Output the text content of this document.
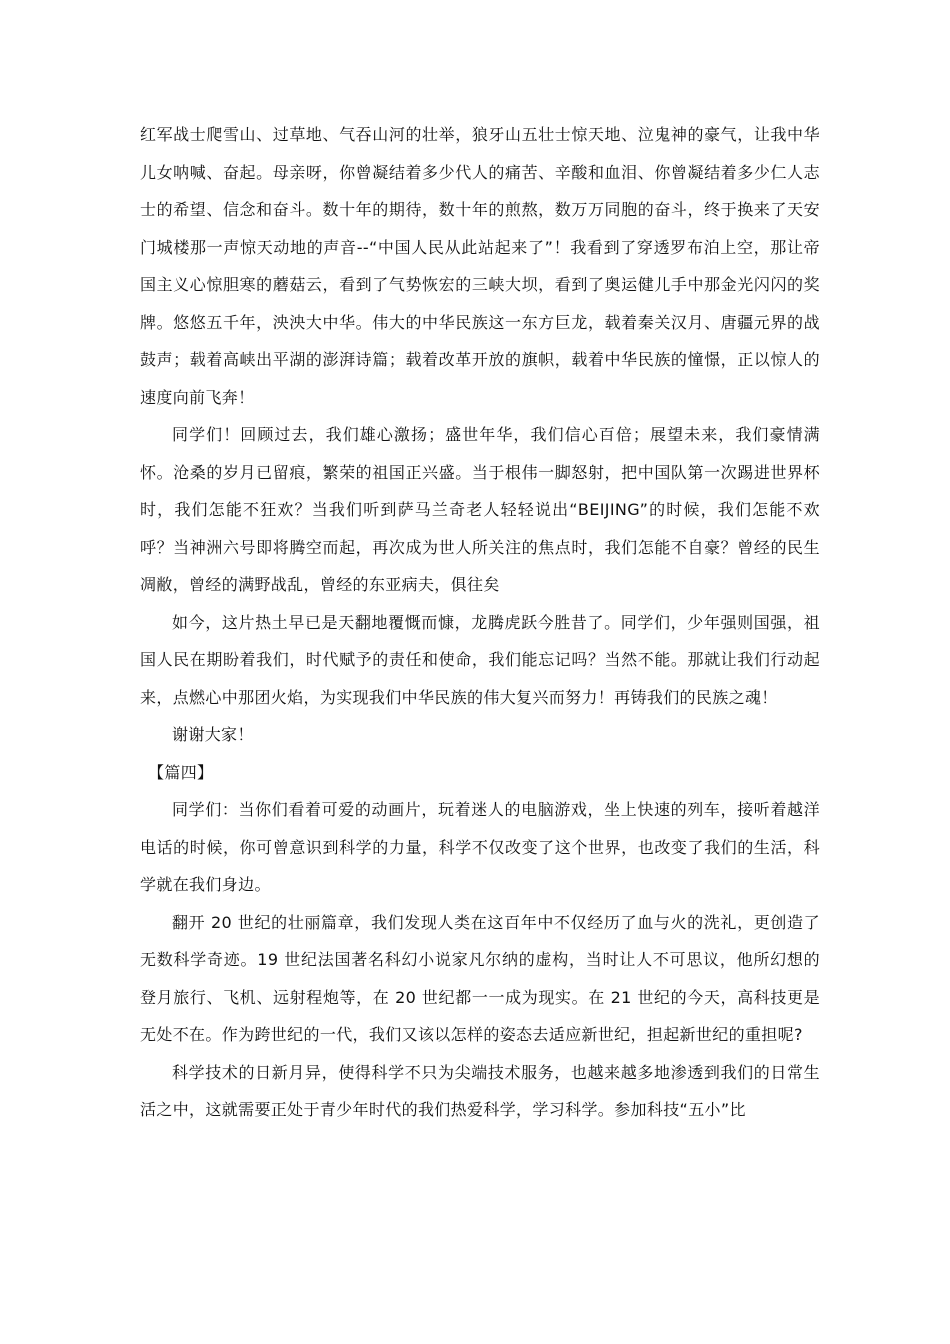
红军战士爬雪山、过草地、气吞山河的壮举，狼牙山五壮士惊天地、泣鬼神的豪气，让我中华儿女呐喊、奋起。母亲呀，你曾凝结着多少代人的痛苦、辛酸和血泪、你曾凝结着多少仁人志士的希望、信念和奋斗。数十年的期待，数十年的煎熬，数万万同胞的奋斗，终于换来了天安门城楼那一声惊天动地的声音--“中国人民从此站起来了”！我看到了穿透罗布泊上空，那让帝国主义心惊胆寒的蘑菇云，看到了气势恢宏的三峡大坝，看到了奥运健儿手中那金光闪闪的奖牌。悠悠五千年，泱泱大中华。伟大的中华民族这一东方巨龙，载着秦关汉月、唐疆元界的战鼓声；载着高峡出平湖的澎湃诗篇；载着改革开放的旗帜，载着中华民族的憧憬，正以惊人的速度向前飞奔！

同学们！回顾过去，我们雄心激扬；盛世年华，我们信心百倍；展望未来，我们豪情满怀。沧桑的岁月已留痕，繁荣的祖国正兴盛。当于根伟一脚怒射，把中国队第一次踢进世界杯时，我们怎能不狂欢？当我们听到萨马兰奇老人轻轻说出“BEIJING”的时候，我们怎能不欢呼？当神洲六号即将腾空而起，再次成为世人所关注的焦点时，我们怎能不自豪？曾经的民生凋敝，曾经的满野战乱，曾经的东亚病夫，俱往矣

如今，这片热土早已是天翻地覆慨而慷，龙腾虎跃今胜昔了。同学们，少年强则国强，祖国人民在期盼着我们，时代赋予的责任和使命，我们能忘记吗？当然不能。那就让我们行动起来，点燃心中那团火焰，为实现我们中华民族的伟大复兴而努力！再铸我们的民族之魂！

谢谢大家！

【篇四】

同学们：当你们看着可爱的动画片，玩着迷人的电脑游戏，坐上快速的列车，接听着越洋电话的时候，你可曾意识到科学的力量，科学不仅改变了这个世界，也改变了我们的生活，科学就在我们身边。

翻开 20 世纪的壮丽篇章，我们发现人类在这百年中不仅经历了血与火的洗礼，更创造了无数科学奇迹。19 世纪法国著名科幻小说家凡尔纳的虚构，当时让人不可思议，他所幻想的登月旅行、飞机、远射程炮等，在 20 世纪都一一成为现实。在 21 世纪的今天，高科技更是无处不在。作为跨世纪的一代，我们又该以怎样的姿态去适应新世纪，担起新世纪的重担呢?

科学技术的日新月异，使得科学不只为尖端技术服务，也越来越多地渗透到我们的日常生活之中，这就需要正处于青少年时代的我们热爱科学，学习科学。参加科技“五小”比
